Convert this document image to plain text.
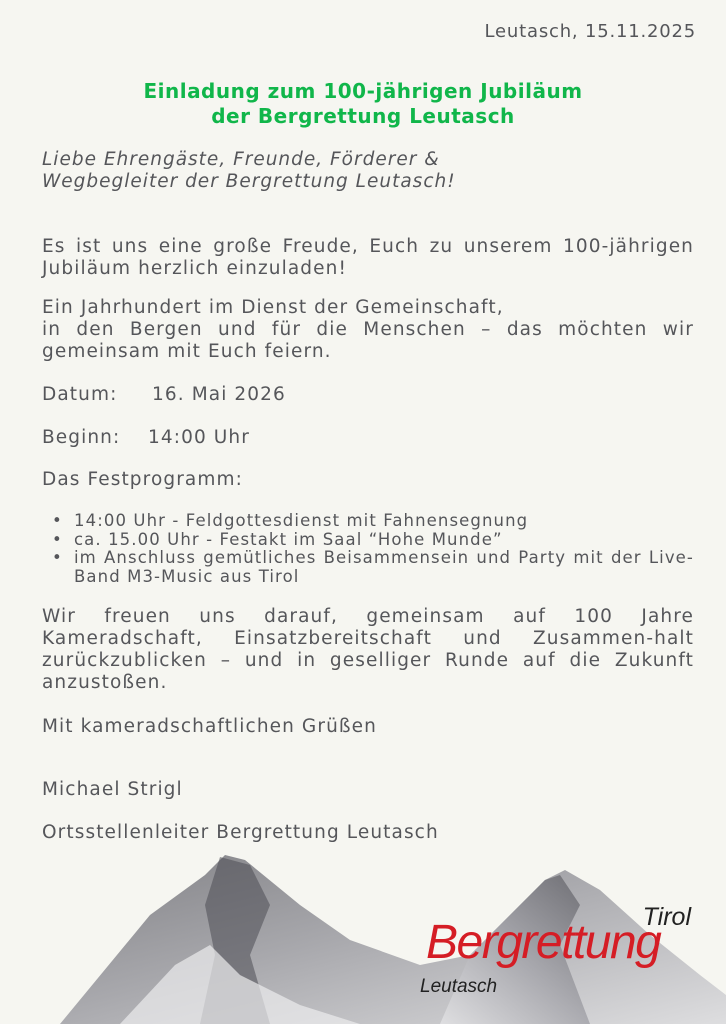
Leutasch, 15.11.2025
Einladung zum 100-jährigen Jubiläum
der Bergrettung Leutasch
Liebe Ehrengäste, Freunde, Förderer &
Wegbegleiter der Bergrettung Leutasch!

Es ist uns eine große Freude, Euch zu unserem 100-jährigen Jubiläum herzlich einzuladen!

Ein Jahrhundert im Dienst der Gemeinschaft,
in den Bergen und für die Menschen – das möchten wir gemeinsam mit Euch feiern.
Datum: 16. Mai 2026
Beginn: 14:00 Uhr
Das Festprogramm:
• 14:00 Uhr - Feldgottesdienst mit Fahnensegnung
• ca. 15.00 Uhr - Festakt im Saal “Hohe Munde”
• im Anschluss gemütliches Beisammensein und Party mit der Live-Band M3-Music aus Tirol

Wir freuen uns darauf, gemeinsam auf 100 Jahre Kameradschaft, Einsatzbereitschaft und Zusammen-halt zurückzublicken – und in geselliger Runde auf die Zukunft anzustoßen.

Mit kameradschaftlichen Grüßen
Michael Strigl
Ortsstellenleiter Bergrettung Leutasch
Tirol
Bergrettung
Leutasch
